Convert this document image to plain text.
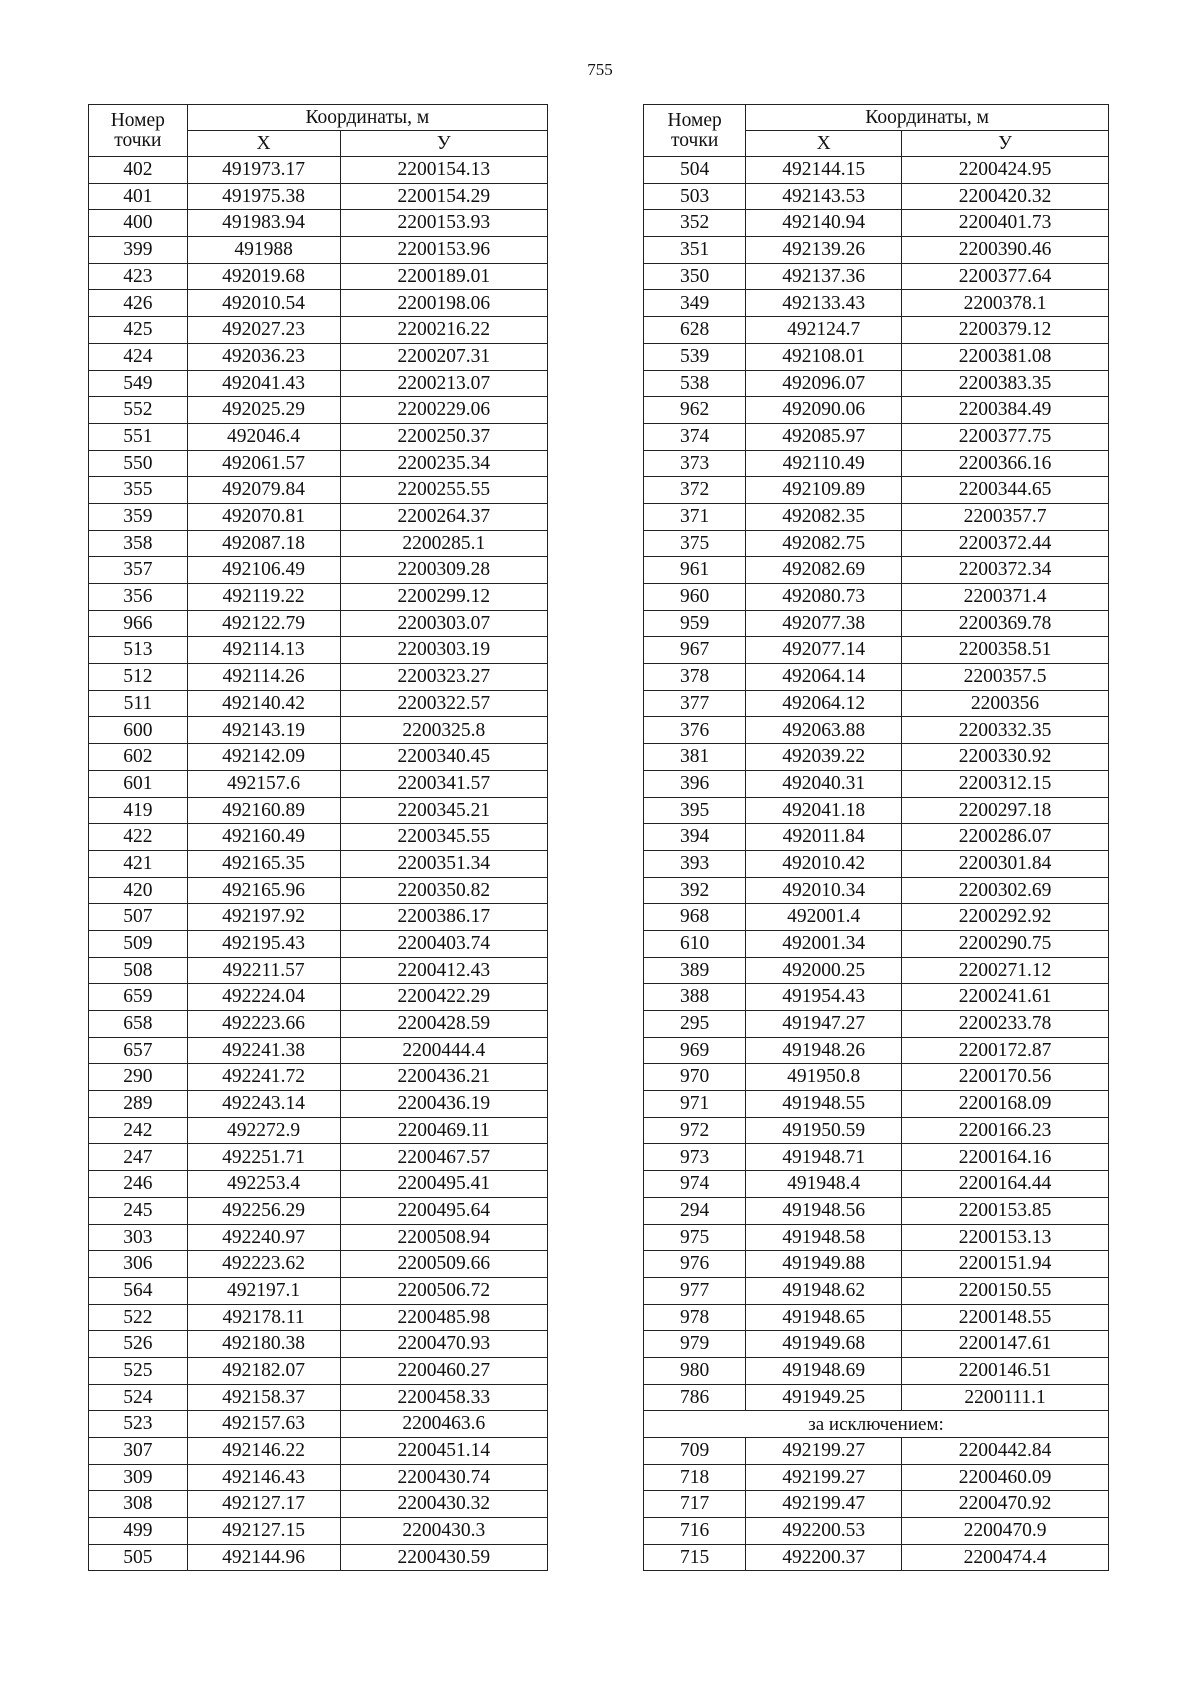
755
Номер
точки	Координаты, м	
	Х	У
402	491973.17	2200154.13
401	491975.38	2200154.29
400	491983.94	2200153.93
399	491988	2200153.96
423	492019.68	2200189.01
426	492010.54	2200198.06
425	492027.23	2200216.22
424	492036.23	2200207.31
549	492041.43	2200213.07
552	492025.29	2200229.06
551	492046.4	2200250.37
550	492061.57	2200235.34
355	492079.84	2200255.55
359	492070.81	2200264.37
358	492087.18	2200285.1
357	492106.49	2200309.28
356	492119.22	2200299.12
966	492122.79	2200303.07
513	492114.13	2200303.19
512	492114.26	2200323.27
511	492140.42	2200322.57
600	492143.19	2200325.8
602	492142.09	2200340.45
601	492157.6	2200341.57
419	492160.89	2200345.21
422	492160.49	2200345.55
421	492165.35	2200351.34
420	492165.96	2200350.82
507	492197.92	2200386.17
509	492195.43	2200403.74
508	492211.57	2200412.43
659	492224.04	2200422.29
658	492223.66	2200428.59
657	492241.38	2200444.4
290	492241.72	2200436.21
289	492243.14	2200436.19
242	492272.9	2200469.11
247	492251.71	2200467.57
246	492253.4	2200495.41
245	492256.29	2200495.64
303	492240.97	2200508.94
306	492223.62	2200509.66
564	492197.1	2200506.72
522	492178.11	2200485.98
526	492180.38	2200470.93
525	492182.07	2200460.27
524	492158.37	2200458.33
523	492157.63	2200463.6
307	492146.22	2200451.14
309	492146.43	2200430.74
308	492127.17	2200430.32
499	492127.15	2200430.3
505	492144.96	2200430.59
Номер
точки	Координаты, м	
	Х	У
504	492144.15	2200424.95
503	492143.53	2200420.32
352	492140.94	2200401.73
351	492139.26	2200390.46
350	492137.36	2200377.64
349	492133.43	2200378.1
628	492124.7	2200379.12
539	492108.01	2200381.08
538	492096.07	2200383.35
962	492090.06	2200384.49
374	492085.97	2200377.75
373	492110.49	2200366.16
372	492109.89	2200344.65
371	492082.35	2200357.7
375	492082.75	2200372.44
961	492082.69	2200372.34
960	492080.73	2200371.4
959	492077.38	2200369.78
967	492077.14	2200358.51
378	492064.14	2200357.5
377	492064.12	2200356
376	492063.88	2200332.35
381	492039.22	2200330.92
396	492040.31	2200312.15
395	492041.18	2200297.18
394	492011.84	2200286.07
393	492010.42	2200301.84
392	492010.34	2200302.69
968	492001.4	2200292.92
610	492001.34	2200290.75
389	492000.25	2200271.12
388	491954.43	2200241.61
295	491947.27	2200233.78
969	491948.26	2200172.87
970	491950.8	2200170.56
971	491948.55	2200168.09
972	491950.59	2200166.23
973	491948.71	2200164.16
974	491948.4	2200164.44
294	491948.56	2200153.85
975	491948.58	2200153.13
976	491949.88	2200151.94
977	491948.62	2200150.55
978	491948.65	2200148.55
979	491949.68	2200147.61
980	491948.69	2200146.51
786	491949.25	2200111.1
за исключением:		
709	492199.27	2200442.84
718	492199.27	2200460.09
717	492199.47	2200470.92
716	492200.53	2200470.9
715	492200.37	2200474.4
